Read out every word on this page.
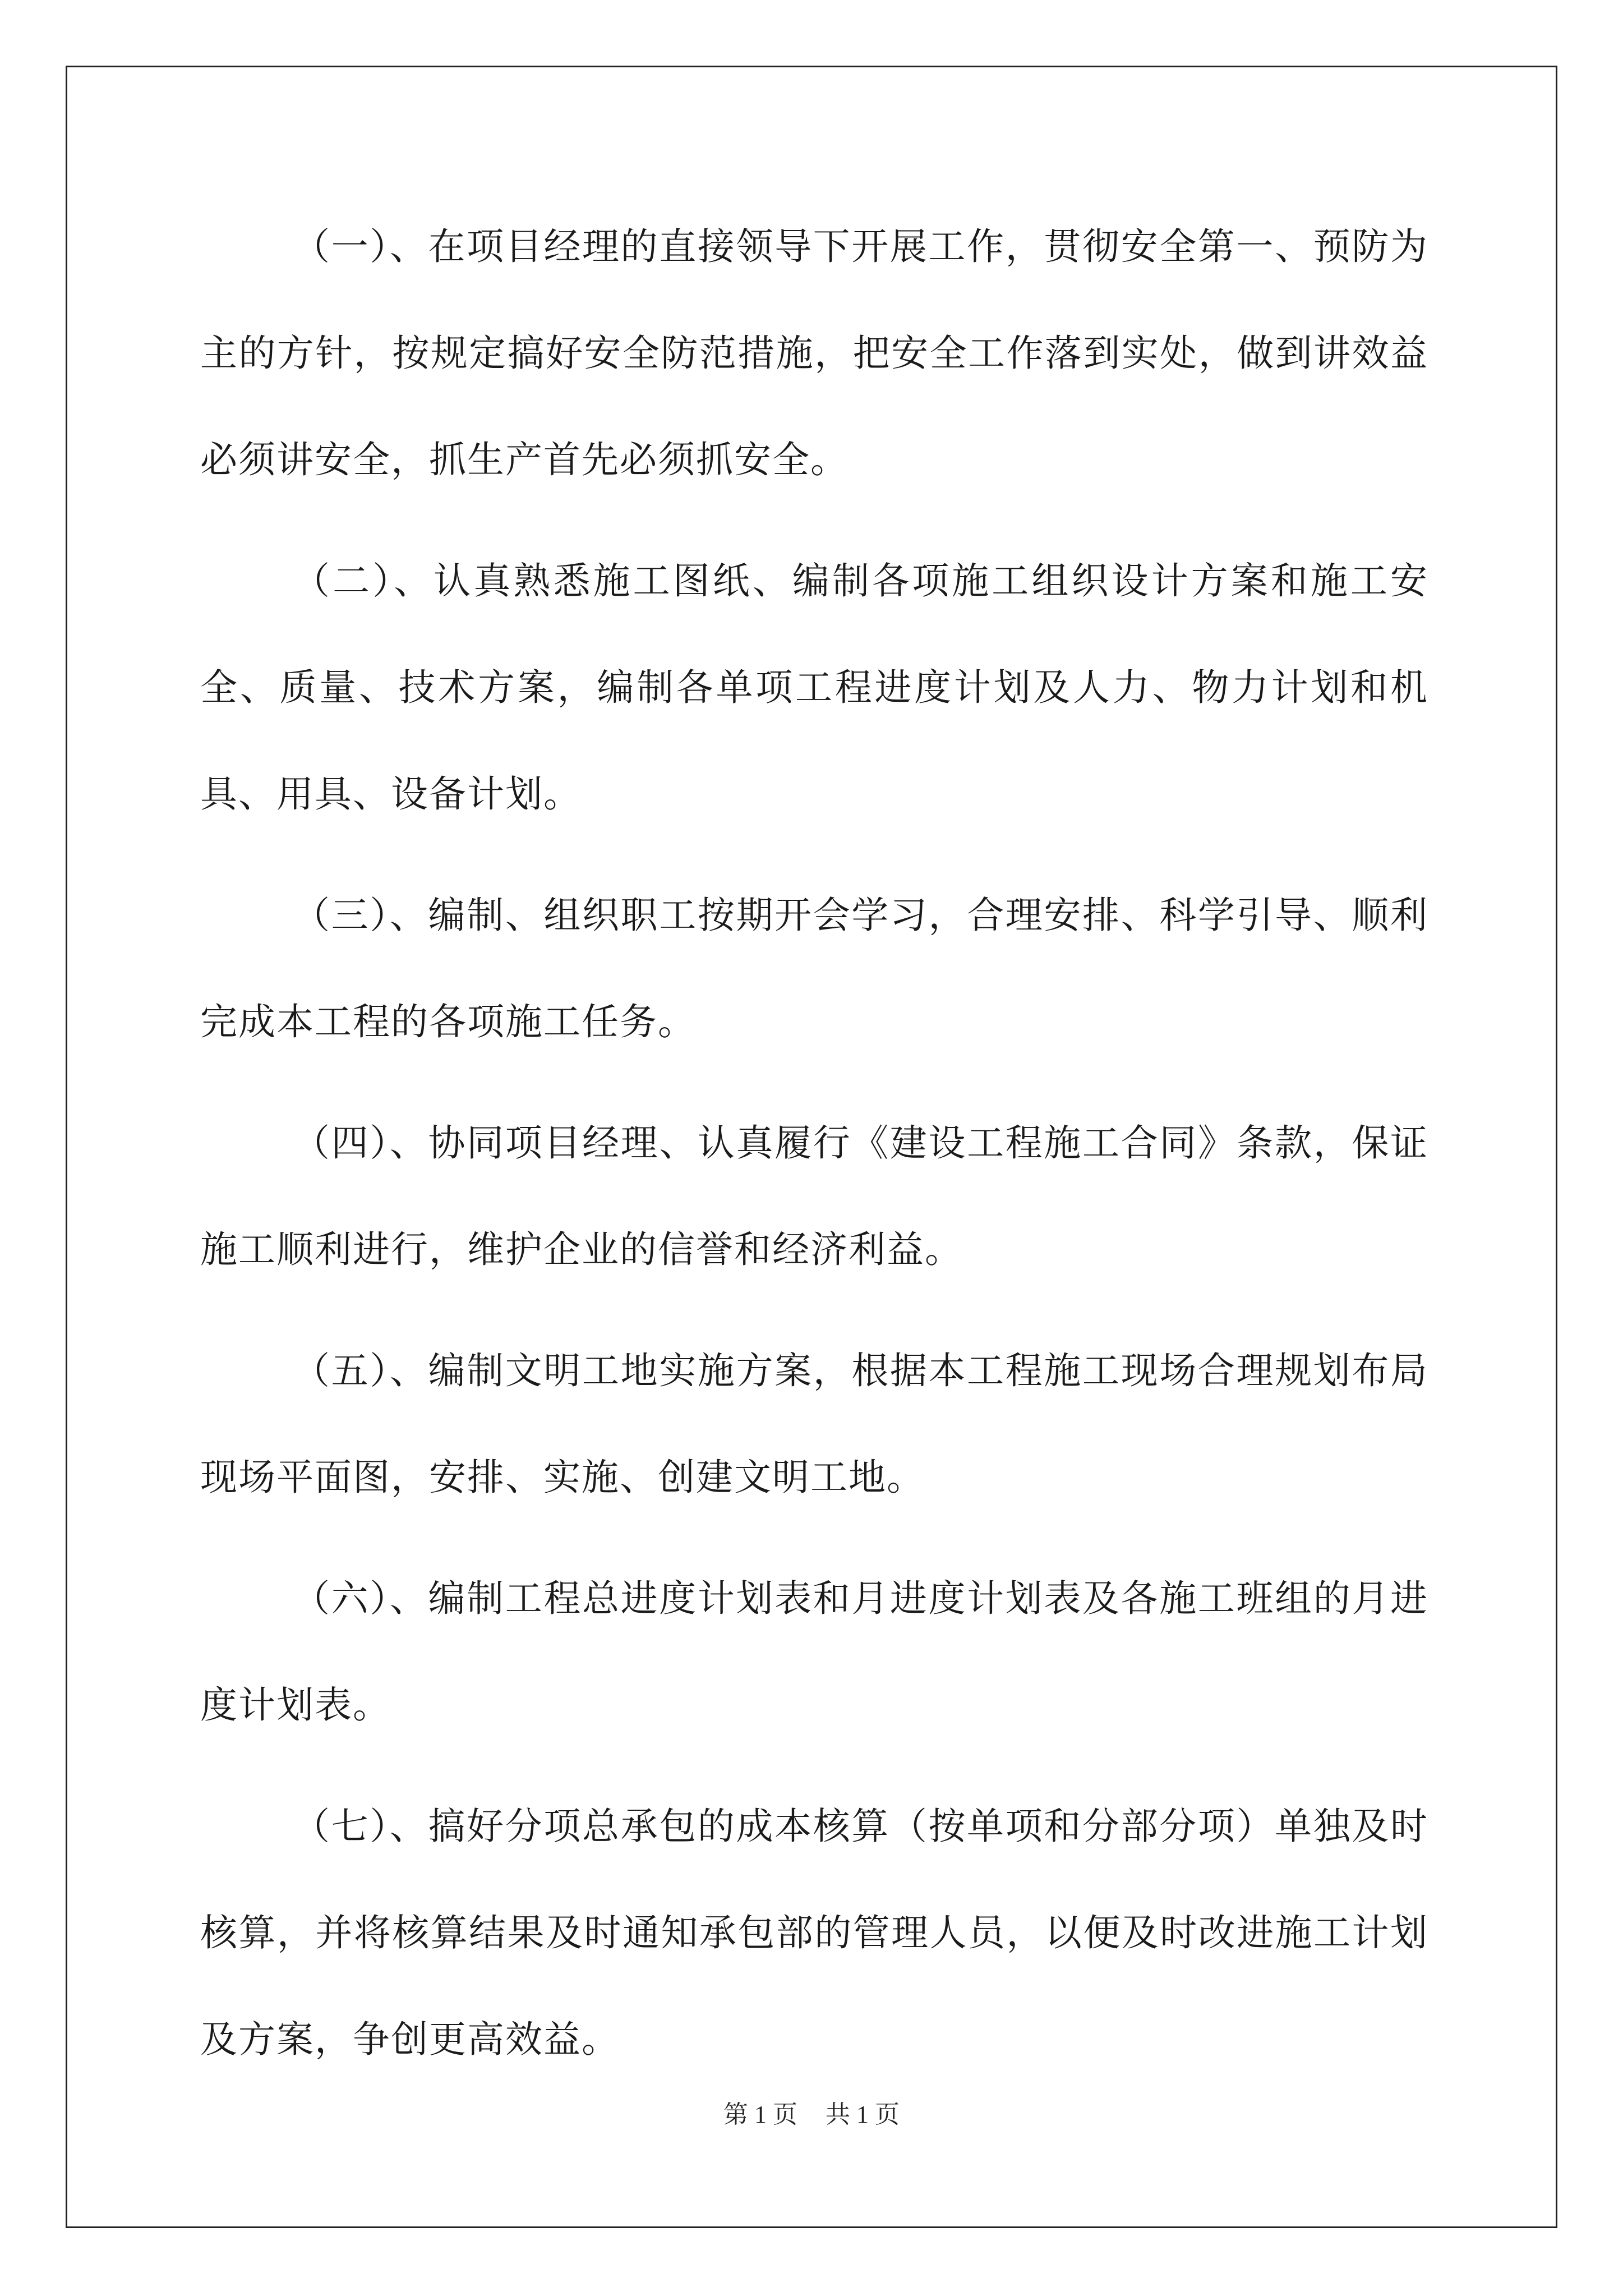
（一）、在项目经理的直接领导下开展工作，贯彻安全第一、预防为主的方针，按规定搞好安全防范措施，把安全工作落到实处，做到讲效益必须讲安全，抓生产首先必须抓安全。

（二）、认真熟悉施工图纸、编制各项施工组织设计方案和施工安全、质量、技术方案，编制各单项工程进度计划及人力、物力计划和机具、用具、设备计划。

（三）、编制、组织职工按期开会学习，合理安排、科学引导、顺利完成本工程的各项施工任务。

（四）、协同项目经理、认真履行《建设工程施工合同》条款，保证施工顺利进行，维护企业的信誉和经济利益。

（五）、编制文明工地实施方案，根据本工程施工现场合理规划布局现场平面图，安排、实施、创建文明工地。

（六）、编制工程总进度计划表和月进度计划表及各施工班组的月进度计划表。

（七）、搞好分项总承包的成本核算（按单项和分部分项）单独及时核算，并将核算结果及时通知承包部的管理人员，以便及时改进施工计划及方案，争创更高效益。

第 1 页 共 1 页
